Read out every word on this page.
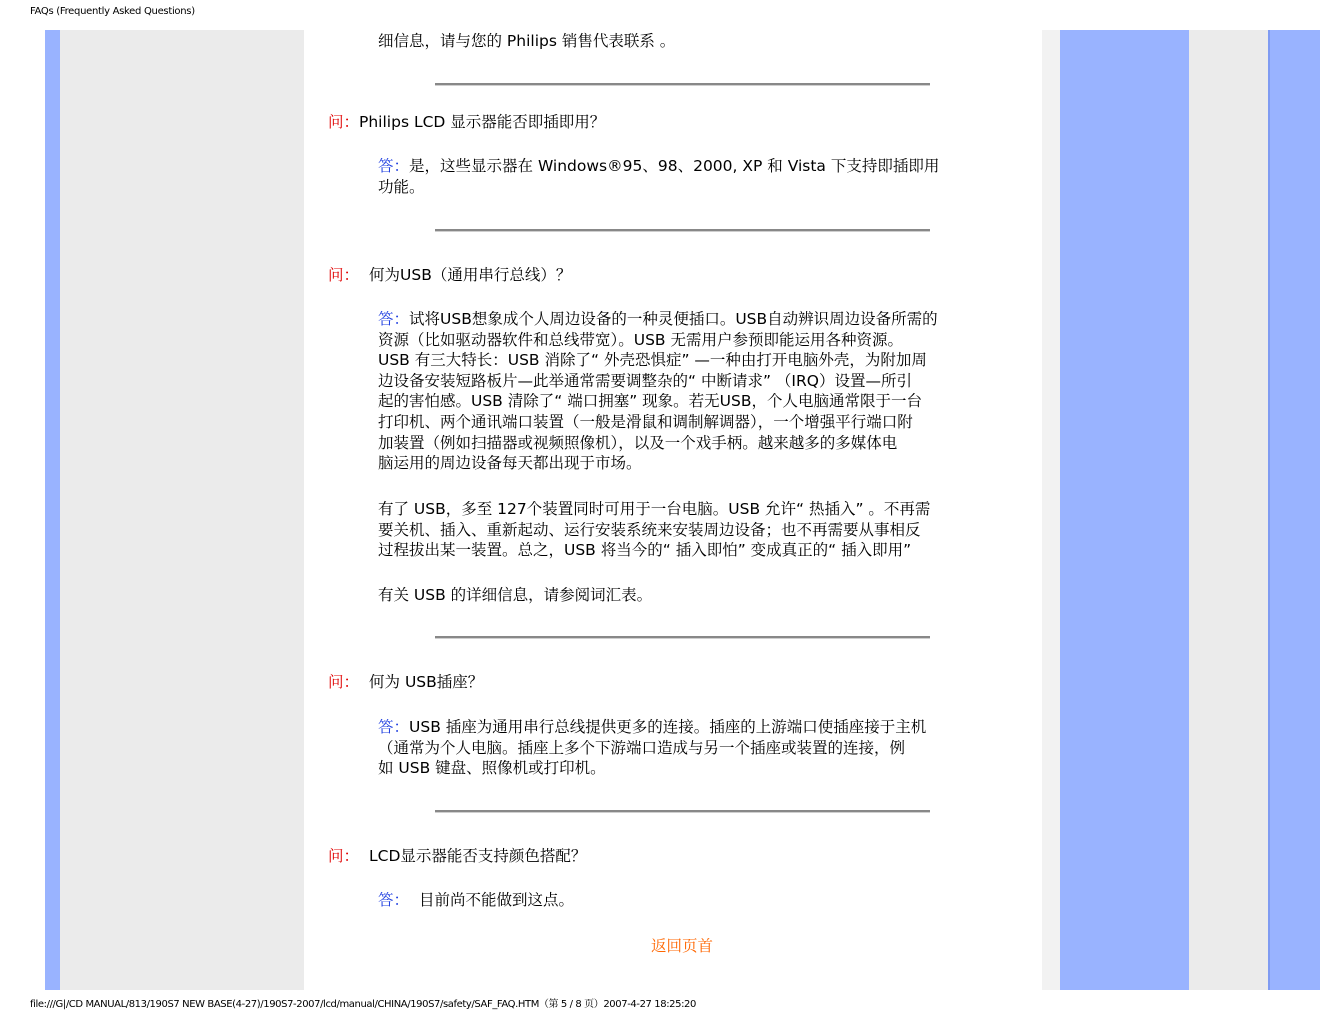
FAQs (Frequently Asked Questions)
细信息，请与您的 Philips 销售代表联系 。
问：Philips LCD 显示器能否即插即用？
答：是，这些显示器在 Windows®95、98、2000, XP 和 Vista 下支持即插即用
功能。
问： 何为USB（通用串行总线）？
答：试将USB想象成个人周边设备的一种灵便插口。USB自动辨识周边设备所需的
资源（比如驱动器软件和总线带宽）。USB 无需用户参预即能运用各种资源。
USB 有三大特长：USB 消除了“ 外壳恐惧症” —一种由打开电脑外壳，为附加周
边设备安装短路板片—此举通常需要调整杂的“ 中断请求” （IRQ）设置—所引
起的害怕感。USB 清除了“ 端口拥塞” 现象。若无USB，个人电脑通常限于一台
打印机、两个通讯端口装置（一般是滑鼠和调制解调器），一个增强平行端口附
加装置（例如扫描器或视频照像机），以及一个戏手柄。越来越多的多媒体电
脑运用的周边设备每天都出现于市场。
有了 USB，多至 127个装置同时可用于一台电脑。USB 允许“ 热插入” 。不再需
要关机、插入、重新起动、运行安装系统来安装周边设备；也不再需要从事相反
过程拔出某一装置。总之，USB 将当今的“ 插入即怕” 变成真正的“ 插入即用”
有关 USB 的详细信息，请参阅词汇表。
问： 何为 USB插座？
答：USB 插座为通用串行总线提供更多的连接。插座的上游端口使插座接于主机
（通常为个人电脑。插座上多个下游端口造成与另一个插座或装置的连接，例
如 USB 键盘、照像机或打印机。
问： LCD显示器能否支持颜色搭配？
答： 目前尚不能做到这点。
返回页首
file:///G|/CD MANUAL/813/190S7 NEW BASE(4-27)/190S7-2007/lcd/manual/CHINA/190S7/safety/SAF_FAQ.HTM（第 5 / 8 页）2007-4-27 18:25:20
